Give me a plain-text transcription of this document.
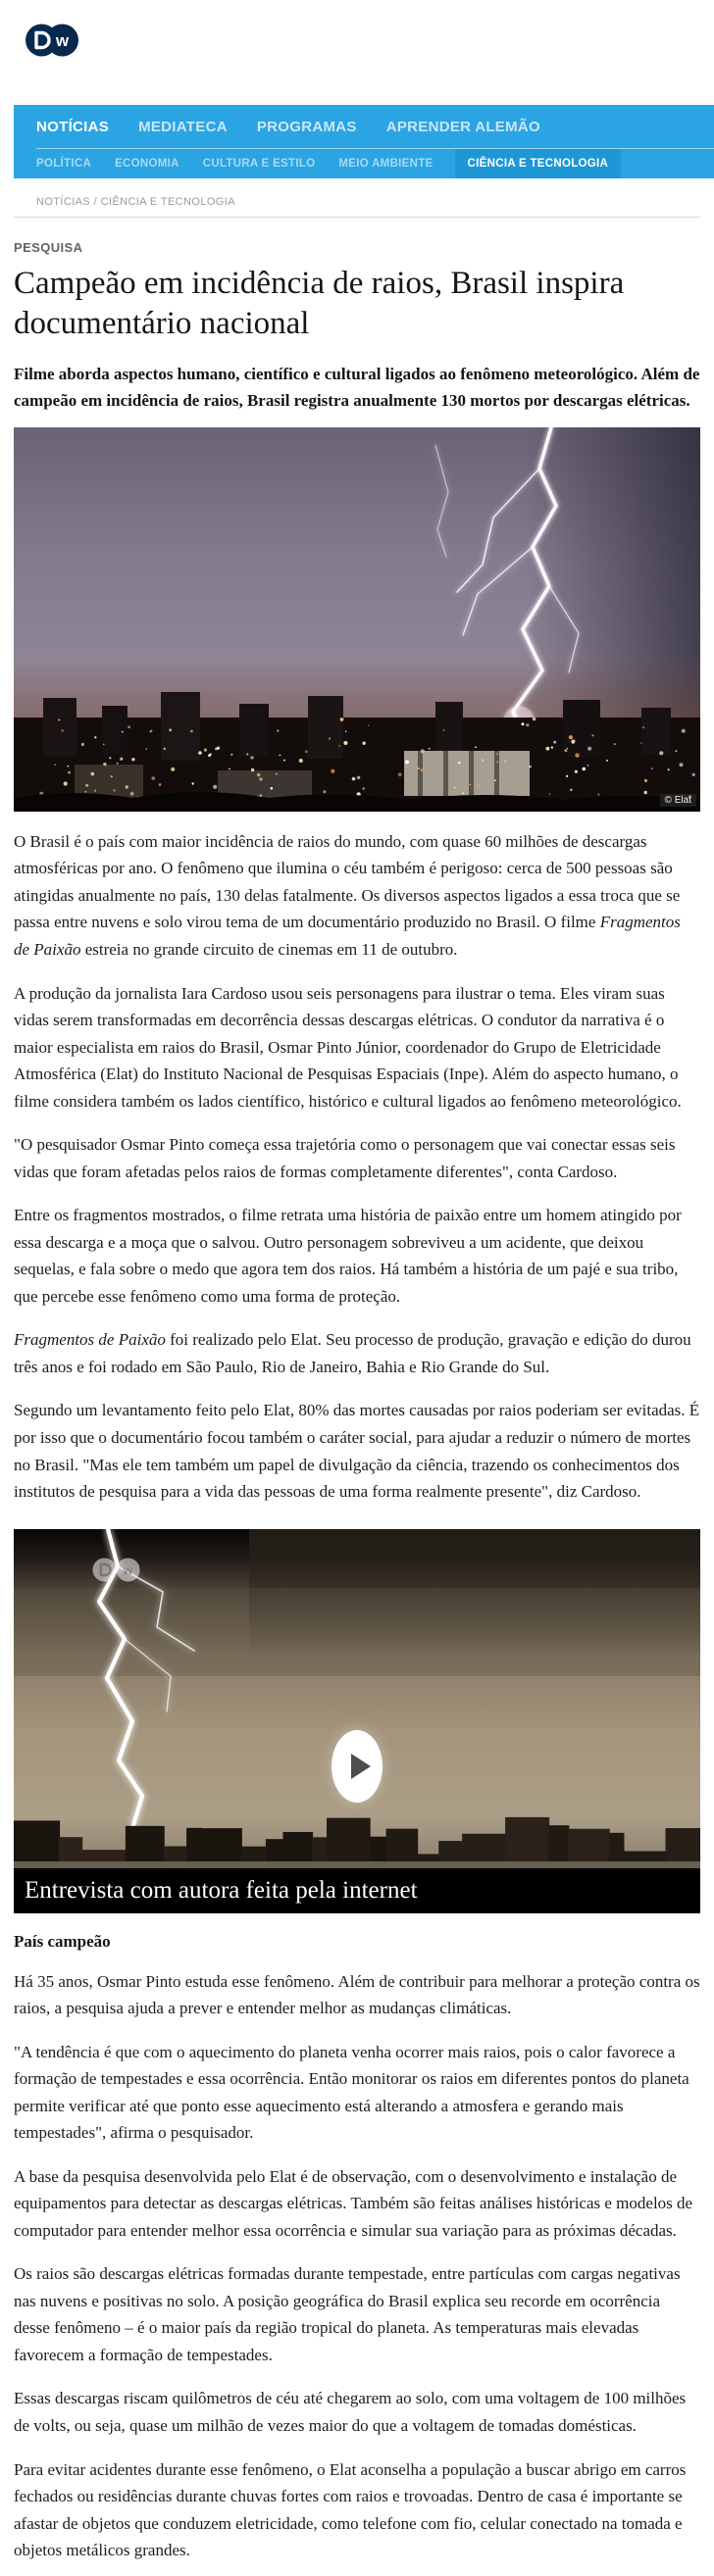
w
NOTÍCIAS MEDIATECA PROGRAMAS APRENDER ALEMÃO
POLÍTICA ECONOMIA CULTURA E ESTILO MEIO AMBIENTE	CIÊNCIA E TECNOLOGIA
NOTÍCIAS / CIÊNCIA E TECNOLOGIA
PESQUISA
Campeão em incidência de raios, Brasil inspira documentário nacional

Filme aborda aspectos humano, científico e cultural ligados ao fenômeno meteorológico. Além de campeão em incidência de raios, Brasil registra anualmente 130 mortos por descargas elétricas.

© Elat

O Brasil é o país com maior incidência de raios do mundo, com quase 60 milhões de descargas atmosféricas por ano. O fenômeno que ilumina o céu também é perigoso: cerca de 500 pessoas são atingidas anualmente no país, 130 delas fatalmente. Os diversos aspectos ligados a essa troca que se passa entre nuvens e solo virou tema de um documentário produzido no Brasil. O filme Fragmentos de Paixão estreia no grande circuito de cinemas em 11 de outubro.

A produção da jornalista Iara Cardoso usou seis personagens para ilustrar o tema. Eles viram suas vidas serem transformadas em decorrência dessas descargas elétricas. O condutor da narrativa é o maior especialista em raios do Brasil, Osmar Pinto Júnior, coordenador do Grupo de Eletricidade Atmosférica (Elat) do Instituto Nacional de Pesquisas Espaciais (Inpe). Além do aspecto humano, o filme considera também os lados científico, histórico e cultural ligados ao fenômeno meteorológico.

"O pesquisador Osmar Pinto começa essa trajetória como o personagem que vai conectar essas seis vidas que foram afetadas pelos raios de formas completamente diferentes", conta Cardoso.

Entre os fragmentos mostrados, o filme retrata uma história de paixão entre um homem atingido por essa descarga e a moça que o salvou. Outro personagem sobreviveu a um acidente, que deixou sequelas, e fala sobre o medo que agora tem dos raios. Há também a história de um pajé e sua tribo, que percebe esse fenômeno como uma forma de proteção.

Fragmentos de Paixão foi realizado pelo Elat. Seu processo de produção, gravação e edição do durou três anos e foi rodado em São Paulo, Rio de Janeiro, Bahia e Rio Grande do Sul.

Segundo um levantamento feito pelo Elat, 80% das mortes causadas por raios poderiam ser evitadas. É por isso que o documentário focou também o caráter social, para ajudar a reduzir o número de mortes no Brasil. "Mas ele tem também um papel de divulgação da ciência, trazendo os conhecimentos dos institutos de pesquisa para a vida das pessoas de uma forma realmente presente", diz Cardoso.

w
Entrevista com autora feita pela internet
País campeão

Há 35 anos, Osmar Pinto estuda esse fenômeno. Além de contribuir para melhorar a proteção contra os raios, a pesquisa ajuda a prever e entender melhor as mudanças climáticas.

"A tendência é que com o aquecimento do planeta venha ocorrer mais raios, pois o calor favorece a formação de tempestades e essa ocorrência. Então monitorar os raios em diferentes pontos do planeta permite verificar até que ponto esse aquecimento está alterando a atmosfera e gerando mais tempestades", afirma o pesquisador.

A base da pesquisa desenvolvida pelo Elat é de observação, com o desenvolvimento e instalação de equipamentos para detectar as descargas elétricas. Também são feitas análises históricas e modelos de computador para entender melhor essa ocorrência e simular sua variação para as próximas décadas.

Os raios são descargas elétricas formadas durante tempestade, entre partículas com cargas negativas nas nuvens e positivas no solo. A posição geográfica do Brasil explica seu recorde em ocorrência desse fenômeno – é o maior país da região tropical do planeta. As temperaturas mais elevadas favorecem a formação de tempestades.

Essas descargas riscam quilômetros de céu até chegarem ao solo, com uma voltagem de 100 milhões de volts, ou seja, quase um milhão de vezes maior do que a voltagem de tomadas domésticas.

Para evitar acidentes durante esse fenômeno, o Elat aconselha a população a buscar abrigo em carros fechados ou residências durante chuvas fortes com raios e trovoadas. Dentro de casa é importante se afastar de objetos que conduzem eletricidade, como telefone com fio, celular conectado na tomada e objetos metálicos grandes.
